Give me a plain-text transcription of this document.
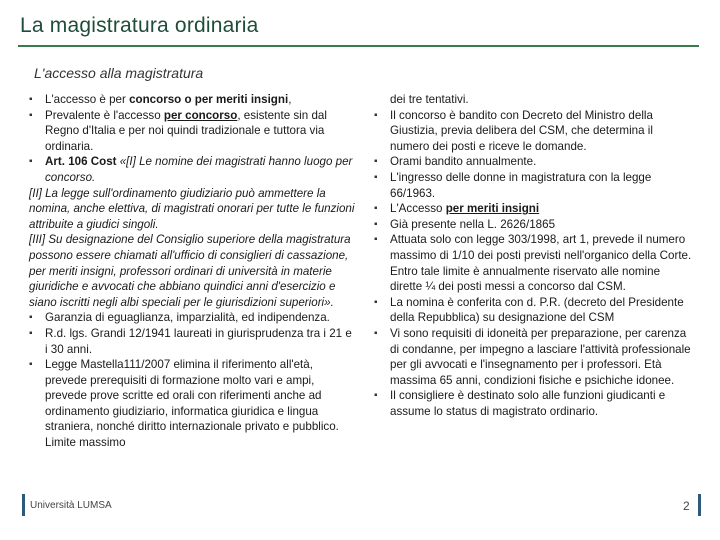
La magistratura ordinaria
L'accesso alla magistratura
▪ L'accesso è per concorso o per meriti insigni,
▪ Prevalente è l'accesso per concorso, esistente sin dal Regno d'Italia e per noi quindi tradizionale e tuttora via ordinaria.
▪ Art. 106 Cost «[I] Le nomine dei magistrati hanno luogo per concorso.
[II] La legge sull'ordinamento giudiziario può ammettere la nomina, anche elettiva, di magistrati onorari per tutte le funzioni attribuite a giudici singoli.
[III] Su designazione del Consiglio superiore della magistratura possono essere chiamati all'ufficio di consiglieri di cassazione, per meriti insigni, professori ordinari di università in materie giuridiche e avvocati che abbiano quindici anni d'esercizio e siano iscritti negli albi speciali per le giurisdizioni superiori».
▪ Garanzia di eguaglianza, imparzialità, ed indipendenza.
▪ R.d. lgs. Grandi 12/1941 laureati in giurisprudenza tra i 21 e i 30 anni.
▪ Legge Mastella111/2007 elimina il riferimento all'età, prevede prerequisiti di formazione molto vari e ampi, prevede prove scritte ed orali con riferimenti anche ad ordinamento giudiziario, informatica giuridica e lingua straniera, nonché diritto internazionale privato e pubblico. Limite massimo
dei tre tentativi.
▪ Il concorso è bandito con Decreto del Ministro della Giustizia, previa delibera del CSM, che determina il numero dei posti e riceve le domande.
▪ Orami bandito annualmente.
▪ L'ingresso delle donne in magistratura con la legge 66/1963.
▪ L'Accesso per meriti insigni
▪ Già presente nella L. 2626/1865
▪ Attuata solo con legge 303/1998, art 1, prevede il numero massimo di 1/10 dei posti previsti nell'organico della Corte. Entro tale limite è annualmente riservato alle nomine dirette ¼ dei posti messi a concorso dal CSM.
▪ La nomina è conferita con d. P.R. (decreto del Presidente della Repubblica) su designazione del CSM
▪ Vi sono requisiti di idoneità per preparazione, per carenza di condanne, per impegno a lasciare l'attività professionale per gli avvocati e l'insegnamento per i professori. Età massima 65 anni, condizioni fisiche e psichiche idonee.
▪ Il consigliere è destinato solo alle funzioni giudicanti e assume lo status di magistrato ordinario.
Università LUMSA	2
